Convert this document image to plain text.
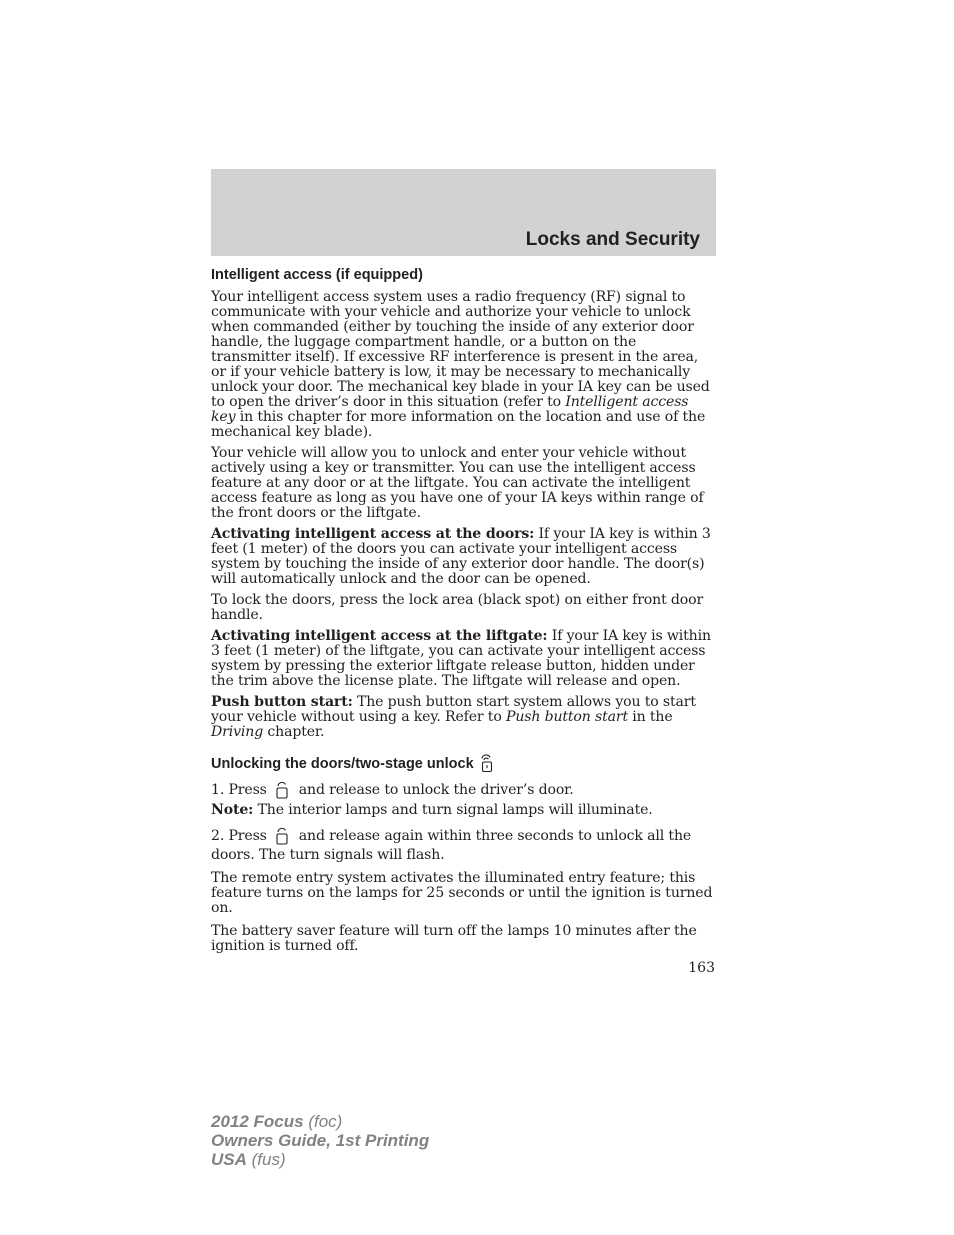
Locks and Security
Intelligent access (if equipped)

Your intelligent access system uses a radio frequency (RF) signal to communicate with your vehicle and authorize your vehicle to unlock when commanded (either by touching the inside of any exterior door handle, the luggage compartment handle, or a button on the transmitter itself). If excessive RF interference is present in the area, or if your vehicle battery is low, it may be necessary to mechanically unlock your door. The mechanical key blade in your IA key can be used to open the driver’s door in this situation (refer to Intelligent access key in this chapter for more information on the location and use of the mechanical key blade).

Your vehicle will allow you to unlock and enter your vehicle without actively using a key or transmitter. You can use the intelligent access feature at any door or at the liftgate. You can activate the intelligent access feature as long as you have one of your IA keys within range of the front doors or the liftgate.

Activating intelligent access at the doors: If your IA key is within 3 feet (1 meter) of the doors you can activate your intelligent access system by touching the inside of any exterior door handle. The door(s) will automatically unlock and the door can be opened.

To lock the doors, press the lock area (black spot) on either front door handle.

Activating intelligent access at the liftgate: If your IA key is within 3 feet (1 meter) of the liftgate, you can activate your intelligent access system by pressing the exterior liftgate release button, hidden under the trim above the license plate. The liftgate will release and open.

Push button start: The push button start system allows you to start your vehicle without using a key. Refer to Push button start in the Driving chapter.

Unlocking the doors/two-stage unlock
1. Press and release to unlock the driver’s door.

Note: The interior lamps and turn signal lamps will illuminate.

2. Press and release again within three seconds to unlock all the

doors. The turn signals will flash.

The remote entry system activates the illuminated entry feature; this feature turns on the lamps for 25 seconds or until the ignition is turned on.

The battery saver feature will turn off the lamps 10 minutes after the ignition is turned off.

163
2012 Focus (foc)
Owners Guide, 1st Printing
USA (fus)
